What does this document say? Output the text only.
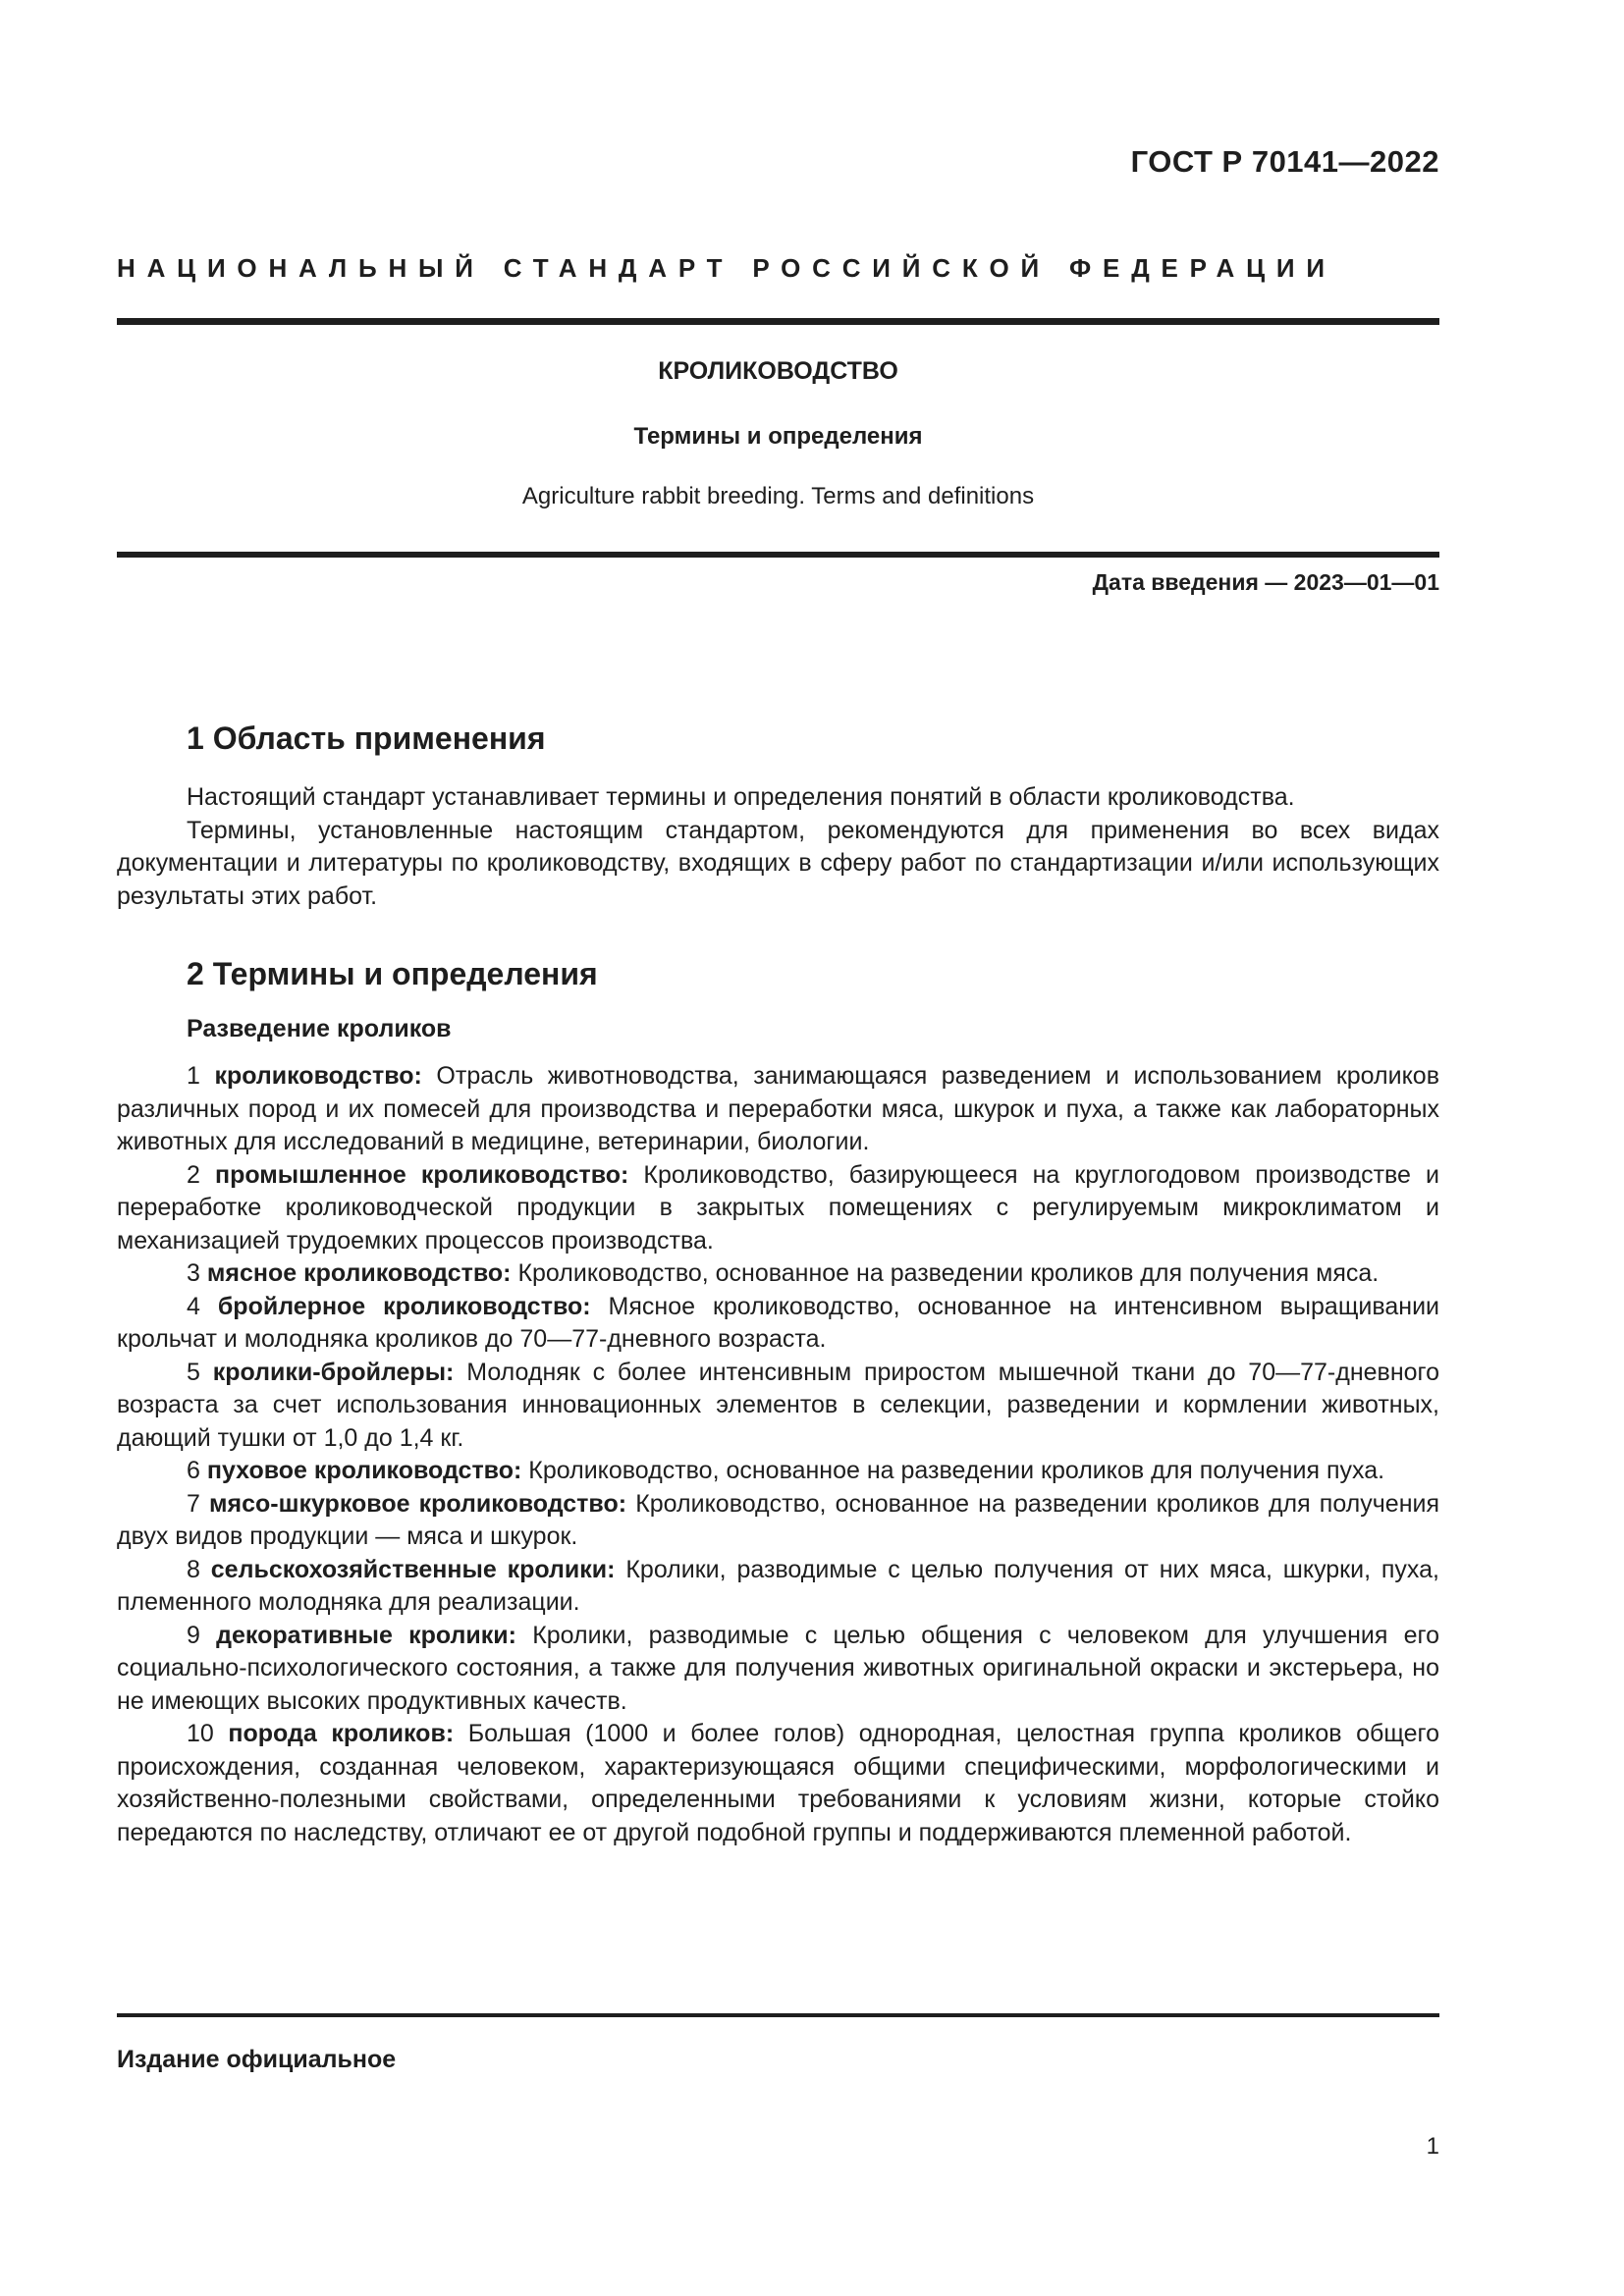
ГОСТ Р 70141—2022

НАЦИОНАЛЬНЫЙ СТАНДАРТ РОССИЙСКОЙ ФЕДЕРАЦИИ

КРОЛИКОВОДСТВО

Термины и определения

Agriculture rabbit breeding. Terms and definitions

Дата введения — 2023—01—01

1 Область применения

Настоящий стандарт устанавливает термины и определения понятий в области кролиководства.

Термины, установленные настоящим стандартом, рекомендуются для применения во всех видах документации и литературы по кролиководству, входящих в сферу работ по стандартизации и/или использующих результаты этих работ.

2 Термины и определения

Разведение кроликов

1 кролиководство: Отрасль животноводства, занимающаяся разведением и использованием кроликов различных пород и их помесей для производства и переработки мяса, шкурок и пуха, а также как лабораторных животных для исследований в медицине, ветеринарии, биологии.

2 промышленное кролиководство: Кролиководство, базирующееся на круглогодовом производстве и переработке кролиководческой продукции в закрытых помещениях с регулируемым микроклиматом и механизацией трудоемких процессов производства.

3 мясное кролиководство: Кролиководство, основанное на разведении кроликов для получения мяса.

4 бройлерное кролиководство: Мясное кролиководство, основанное на интенсивном выращивании крольчат и молодняка кроликов до 70—77-дневного возраста.

5 кролики-бройлеры: Молодняк с более интенсивным приростом мышечной ткани до 70—77-дневного возраста за счет использования инновационных элементов в селекции, разведении и кормлении животных, дающий тушки от 1,0 до 1,4 кг.

6 пуховое кролиководство: Кролиководство, основанное на разведении кроликов для получения пуха.

7 мясо-шкурковое кролиководство: Кролиководство, основанное на разведении кроликов для получения двух видов продукции — мяса и шкурок.

8 сельскохозяйственные кролики: Кролики, разводимые с целью получения от них мяса, шкурки, пуха, племенного молодняка для реализации.

9 декоративные кролики: Кролики, разводимые с целью общения с человеком для улучшения его социально-психологического состояния, а также для получения животных оригинальной окраски и экстерьера, но не имеющих высоких продуктивных качеств.

10 порода кроликов: Большая (1000 и более голов) однородная, целостная группа кроликов общего происхождения, созданная человеком, характеризующаяся общими специфическими, морфологическими и хозяйственно-полезными свойствами, определенными требованиями к условиям жизни, которые стойко передаются по наследству, отличают ее от другой подобной группы и поддерживаются племенной работой.

Издание официальное

1
